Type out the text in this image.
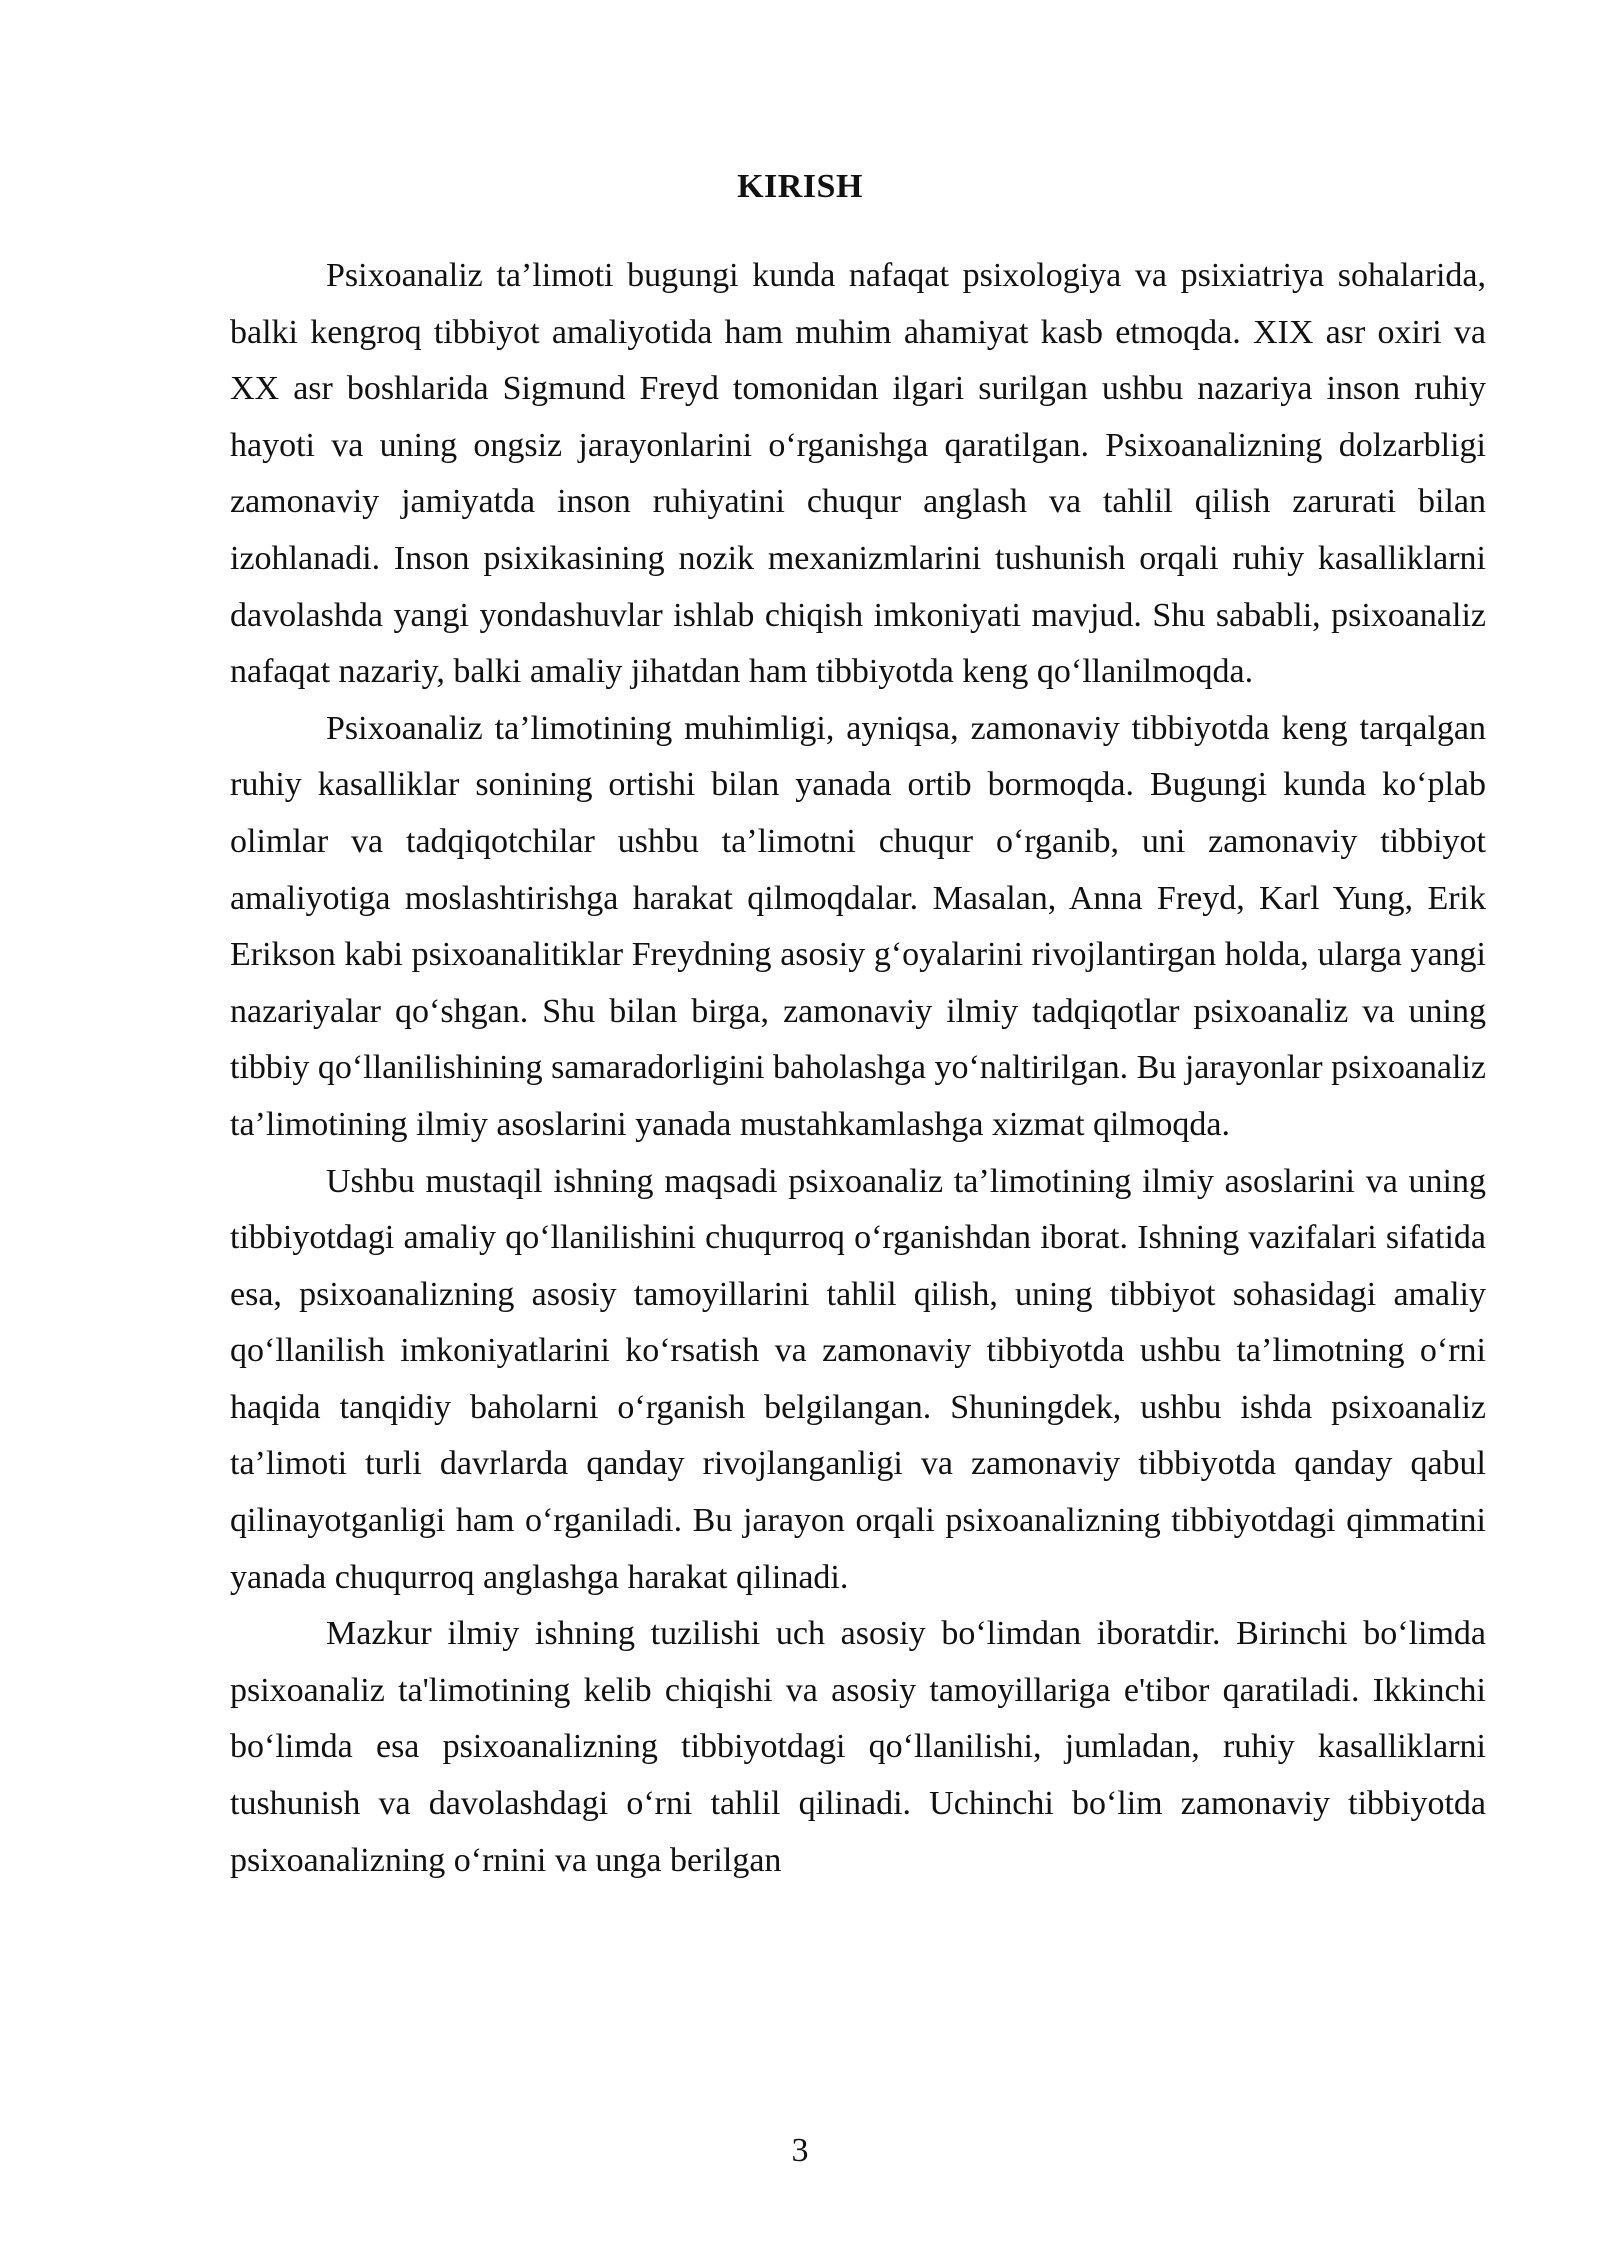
KIRISH

Psixoanaliz ta’limoti bugungi kunda nafaqat psixologiya va psixiatriya sohalarida, balki kengroq tibbiyot amaliyotida ham muhim ahamiyat kasb etmoqda. XIX asr oxiri va XX asr boshlarida Sigmund Freyd tomonidan ilgari surilgan ushbu nazariya inson ruhiy hayoti va uning ongsiz jarayonlarini o‘rganishga qaratilgan. Psixoanalizning dolzarbligi zamonaviy jamiyatda inson ruhiyatini chuqur anglash va tahlil qilish zarurati bilan izohlanadi. Inson psixikasining nozik mexanizmlarini tushunish orqali ruhiy kasalliklarni davolashda yangi yondashuvlar ishlab chiqish imkoniyati mavjud. Shu sababli, psixoanaliz nafaqat nazariy, balki amaliy jihatdan ham tibbiyotda keng qo‘llanilmoqda.

Psixoanaliz ta’limotining muhimligi, ayniqsa, zamonaviy tibbiyotda keng tarqalgan ruhiy kasalliklar sonining ortishi bilan yanada ortib bormoqda. Bugungi kunda ko‘plab olimlar va tadqiqotchilar ushbu ta’limotni chuqur o‘rganib, uni zamonaviy tibbiyot amaliyotiga moslashtirishga harakat qilmoqdalar. Masalan, Anna Freyd, Karl Yung, Erik Erikson kabi psixoanalitiklar Freydning asosiy g‘oyalarini rivojlantirgan holda, ularga yangi nazariyalar qo‘shgan. Shu bilan birga, zamonaviy ilmiy tadqiqotlar psixoanaliz va uning tibbiy qo‘llanilishining samaradorligini baholashga yo‘naltirilgan. Bu jarayonlar psixoanaliz ta’limotining ilmiy asoslarini yanada mustahkamlashga xizmat qilmoqda.

Ushbu mustaqil ishning maqsadi psixoanaliz ta’limotining ilmiy asoslarini va uning tibbiyotdagi amaliy qo‘llanilishini chuqurroq o‘rganishdan iborat. Ishning vazifalari sifatida esa, psixoanalizning asosiy tamoyillarini tahlil qilish, uning tibbiyot sohasidagi amaliy qo‘llanilish imkoniyatlarini ko‘rsatish va zamonaviy tibbiyotda ushbu ta’limotning o‘rni haqida tanqidiy baholarni o‘rganish belgilangan. Shuningdek, ushbu ishda psixoanaliz ta’limoti turli davrlarda qanday rivojlanganligi va zamonaviy tibbiyotda qanday qabul qilinayotganligi ham o‘rganiladi. Bu jarayon orqali psixoanalizning tibbiyotdagi qimmatini yanada chuqurroq anglashga harakat qilinadi.

Mazkur ilmiy ishning tuzilishi uch asosiy bo‘limdan iboratdir. Birinchi bo‘limda psixoanaliz ta'limotining kelib chiqishi va asosiy tamoyillariga e'tibor qaratiladi. Ikkinchi bo‘limda esa psixoanalizning tibbiyotdagi qo‘llanilishi, jumladan, ruhiy kasalliklarni tushunish va davolashdagi o‘rni tahlil qilinadi. Uchinchi bo‘lim zamonaviy tibbiyotda psixoanalizning o‘rnini va unga berilgan

3
